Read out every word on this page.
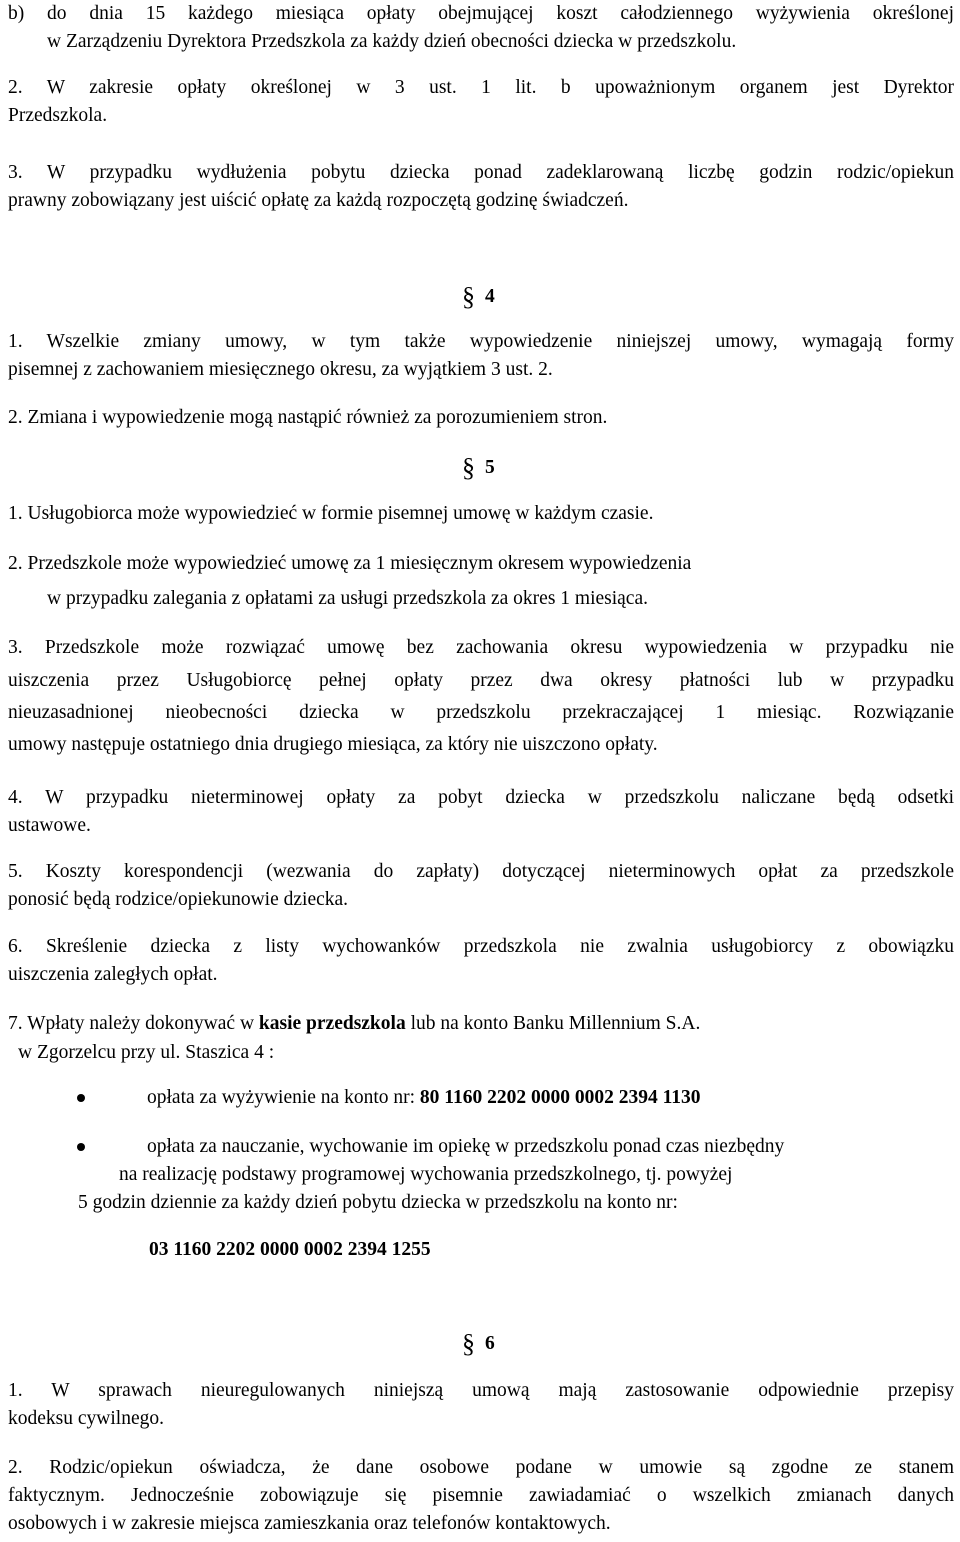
b) do dnia 15 każdego miesiąca opłaty obejmującej koszt całodziennego wyżywienia określonej
w Zarządzeniu Dyrektora Przedszkola za każdy dzień obecności dziecka w przedszkolu.
2. W zakresie opłaty określonej w 3 ust. 1 lit. b upoważnionym organem jest Dyrektor
Przedszkola.
3. W przypadku wydłużenia pobytu dziecka ponad zadeklarowaną liczbę godzin rodzic/opiekun
prawny zobowiązany jest uiścić opłatę za każdą rozpoczętą godzinę świadczeń.
§ 4
1. Wszelkie zmiany umowy, w tym także wypowiedzenie niniejszej umowy, wymagają formy
pisemnej z zachowaniem miesięcznego okresu, za wyjątkiem 3 ust. 2.
2. Zmiana i wypowiedzenie mogą nastąpić również za porozumieniem stron.
§ 5
1. Usługobiorca może wypowiedzieć w formie pisemnej umowę w każdym czasie.
2. Przedszkole może wypowiedzieć umowę za 1 miesięcznym okresem wypowiedzenia
w przypadku zalegania z opłatami za usługi przedszkola za okres 1 miesiąca.
3. Przedszkole może rozwiązać umowę bez zachowania okresu wypowiedzenia w przypadku nie
uiszczenia przez Usługobiorcę pełnej opłaty przez dwa okresy płatności lub w przypadku
nieuzasadnionej nieobecności dziecka w przedszkolu przekraczającej 1 miesiąc. Rozwiązanie
umowy następuje ostatniego dnia drugiego miesiąca, za który nie uiszczono opłaty.
4. W przypadku nieterminowej opłaty za pobyt dziecka w przedszkolu naliczane będą odsetki
ustawowe.
5. Koszty korespondencji (wezwania do zapłaty) dotyczącej nieterminowych opłat za przedszkole
ponosić będą rodzice/opiekunowie dziecka.
6. Skreślenie dziecka z listy wychowanków przedszkola nie zwalnia usługobiorcy z obowiązku
uiszczenia zaległych opłat.
7. Wpłaty należy dokonywać w kasie przedszkola lub na konto Banku Millennium S.A.
w Zgorzelcu przy ul. Staszica 4 :
opłata za wyżywienie na konto nr: 80 1160 2202 0000 0002 2394 1130
opłata za nauczanie, wychowanie im opiekę w przedszkolu ponad czas niezbędny
na realizację podstawy programowej wychowania przedszkolnego, tj. powyżej
5 godzin dziennie za każdy dzień pobytu dziecka w przedszkolu na konto nr:
03 1160 2202 0000 0002 2394 1255
§ 6
1. W sprawach nieuregulowanych niniejszą umową mają zastosowanie odpowiednie przepisy
kodeksu cywilnego.
2. Rodzic/opiekun oświadcza, że dane osobowe podane w umowie są zgodne ze stanem
faktycznym. Jednocześnie zobowiązuje się pisemnie zawiadamiać o wszelkich zmianach danych
osobowych i w zakresie miejsca zamieszkania oraz telefonów kontaktowych.
